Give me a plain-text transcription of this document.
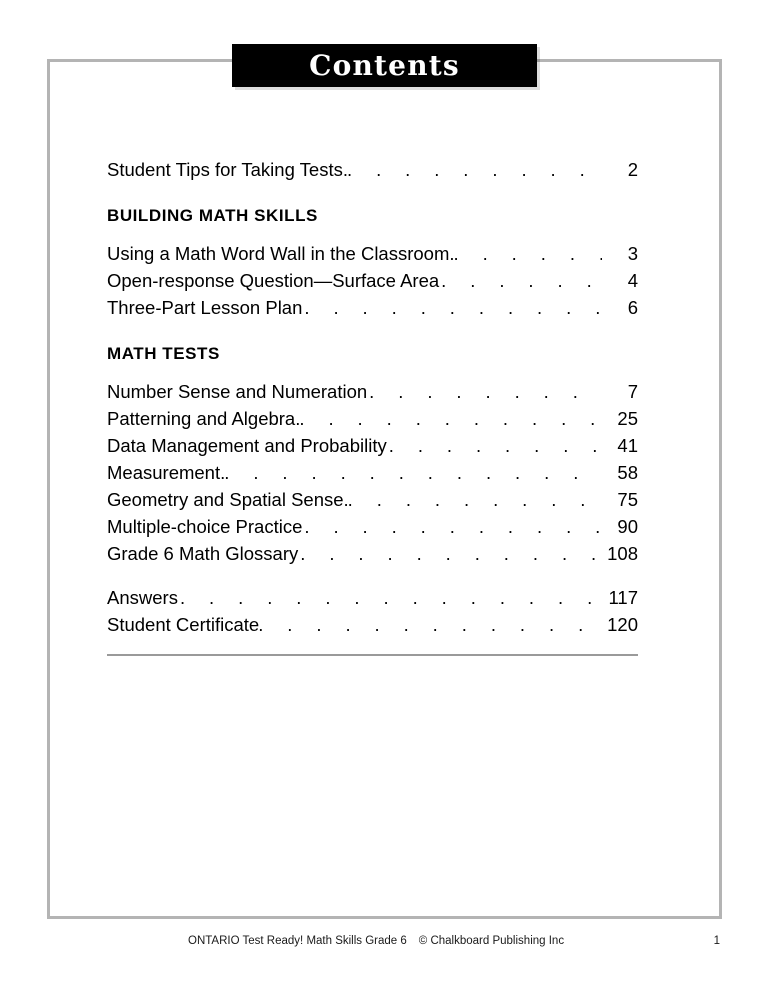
Contents
Student Tips for Taking Tests. . . .	2
BUILDING MATH SKILLS
Using a Math Word Wall in the Classroom. . . .	3
Open-response Question—Surface Area . . .	4
Three-Part Lesson Plan . . .	6
MATH TESTS
Number Sense and Numeration . . .	7
Patterning and Algebra. . . .	25
Data Management and Probability . . .	41
Measurement. . . .	58
Geometry and Spatial Sense. . . .	75
Multiple-choice Practice . . .	90
Grade 6 Math Glossary . . .	108
Answers . . .	117
Student Certificate . . .	120
ONTARIO Test Ready! Math Skills Grade 6 © Chalkboard Publishing Inc	1
